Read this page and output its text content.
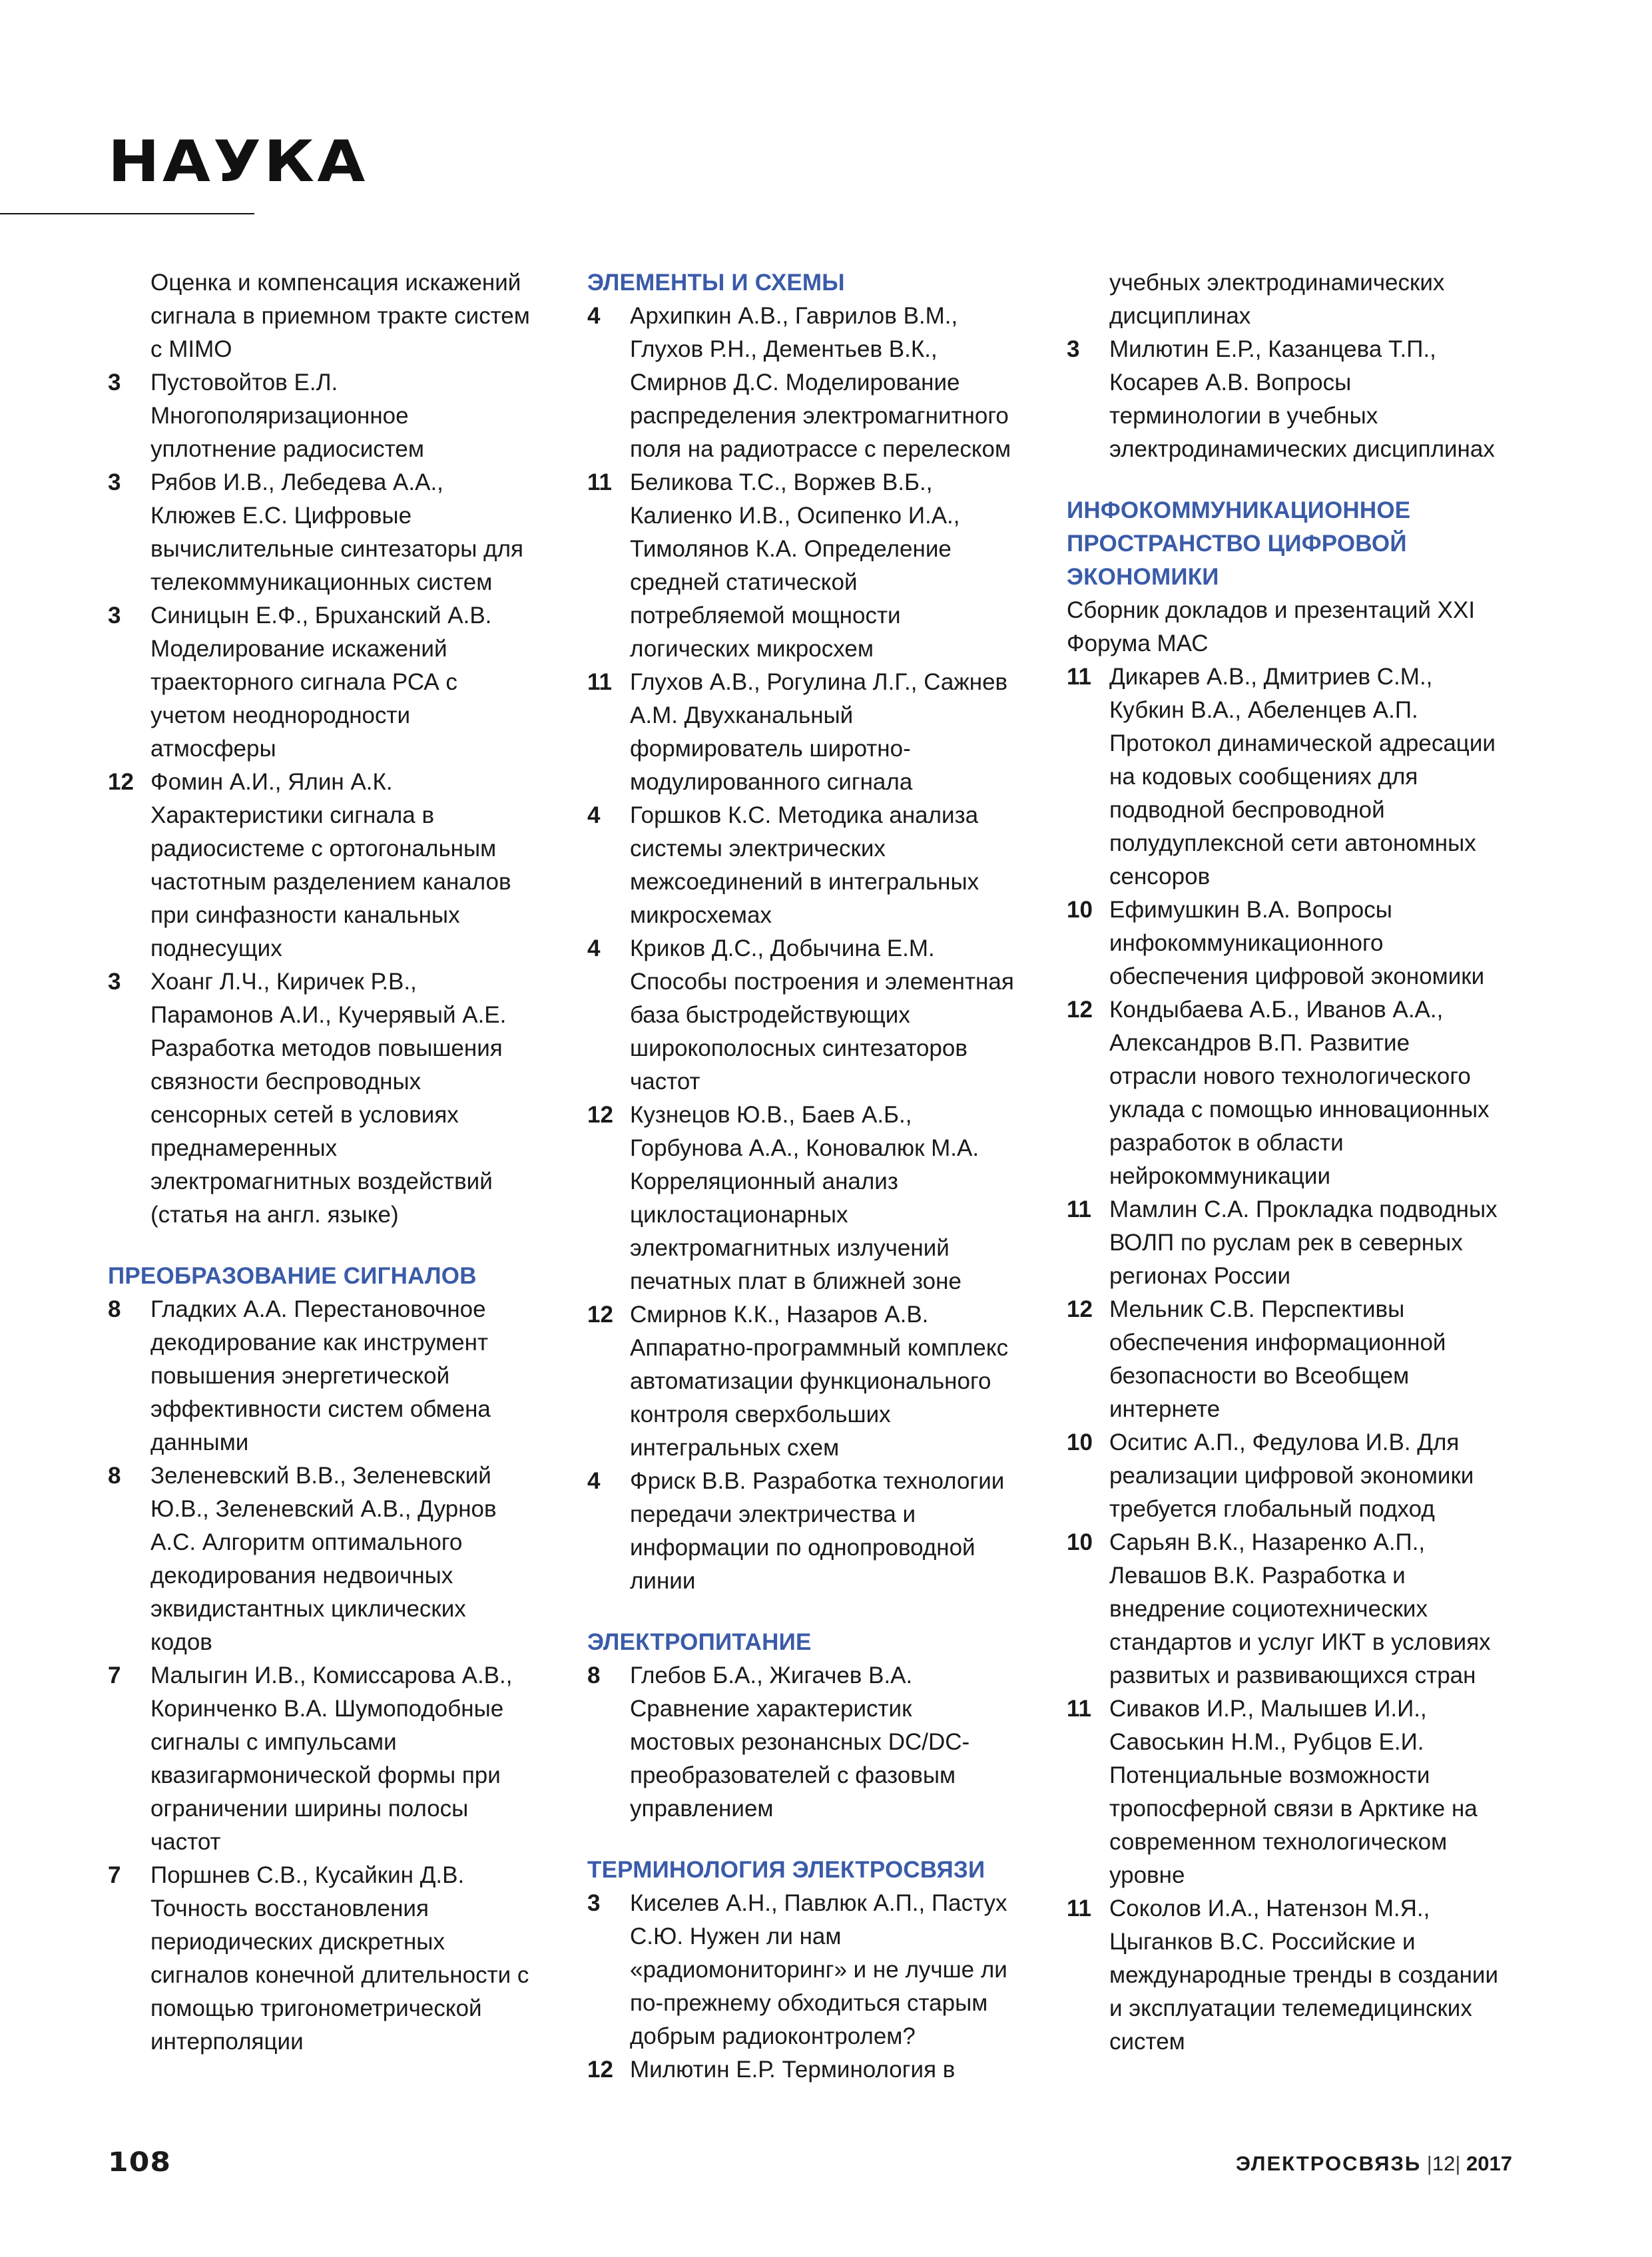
НАУКА
Оценка и компенсация искажений сигнала в приемном тракте систем с MIMO
3 Пустовойтов Е.Л. Многополяризационное уплотнение радиосистем
3 Рябов И.В., Лебедева А.А., Клюжев Е.С. Цифровые вычислительные синтезаторы для телекоммуникационных систем
3 Синицын Е.Ф., Брuханский А.В. Моделирование искажений траекторного сигнала РСА с учетом неоднородности атмосферы
12 Фомин А.И., Ялин А.К. Характеристики сигнала в радиосистеме с ортогональным частотным разделением каналов при синфазности канальных поднесущих
3 Хоанг Л.Ч., Киричек Р.В., Парамонов А.И., Кучерявый А.Е. Разработка методов повышения связности беспроводных сенсорных сетей в условиях преднамеренных электромагнитных воздействий (статья на англ. языке)
ПРЕОБРАЗОВАНИЕ СИГНАЛОВ
8 Гладких А.А. Перестановочное декодирование как инструмент повышения энергетической эффективности систем обмена данными
8 Зеленевский В.В., Зеленевский Ю.В., Зеленевский А.В., Дурнов А.С. Алгоритм оптимального декодирования недвоичных эквидистантных циклических кодов
7 Малыгин И.В., Комиссарова А.В., Коринченко В.А. Шумоподобные сигналы с импульсами квазигармонической формы при ограничении ширины полосы частот
7 Поршнев С.В., Кусайкин Д.В. Точность восстановления периодических дискретных сигналов конечной длительности с помощью тригонометрической интерполяции
ЭЛЕМЕНТЫ И СХЕМЫ
4 Архипкин А.В., Гаврилов В.М., Глухов Р.Н., Дементьев В.К., Смирнов Д.С. Моделирование распределения электромагнитного поля на радиотрассе с перелеском
11 Беликова Т.С., Воржев В.Б., Калиенко И.В., Осипенко И.А., Тимолянов К.А. Определение средней статической потребляемой мощности логических микросхем
11 Глухов А.В., Рогулина Л.Г., Сажнев А.М. Двухканальный формирователь широтно-модулированного сигнала
4 Горшков К.С. Методика анализа системы электрических межсоединений в интегральных микросхемах
4 Криков Д.С., Добычина Е.М. Способы построения и элементная база быстродействующих широкополосных синтезаторов частот
12 Кузнецов Ю.В., Баев А.Б., Горбунова А.А., Коновалюк М.А. Корреляционный анализ циклостационарных электромагнитных излучений печатных плат в ближней зоне
12 Смирнов К.К., Назаров А.В. Аппаратно-программный комплекс автоматизации функционального контроля сверхбольших интегральных схем
4 Фриск В.В. Разработка технологии передачи электричества и информации по однопроводной линии
ЭЛЕКТРОПИТАНИЕ
8 Глебов Б.А., Жигачев В.А. Сравнение характеристик мостовых резонансных DC/DC-преобразователей с фазовым управлением
ТЕРМИНОЛОГИЯ ЭЛЕКТРОСВЯЗИ
3 Киселев А.Н., Павлюк А.П., Пастух С.Ю. Нужен ли нам «радиомониторинг» и не лучше ли по-прежнему обходиться старым добрым радиоконтролем?
12 Милютин Е.Р. Терминология в
учебных электродинамических дисциплинах
3 Милютин Е.Р., Казанцева Т.П., Косарев А.В. Вопросы терминологии в учебных электродинамических дисциплинах
ИНФОКОММУНИКАЦИОННОЕ ПРОСТРАНСТВО ЦИФРОВОЙ ЭКОНОМИКИ
Сборник докладов и презентаций XXI Форума МАС
11 Дикарев А.В., Дмитриев С.М., Кубкин В.А., Абеленцев А.П. Протокол динамической адресации на кодовых сообщениях для подводной беспроводной полудуплексной сети автономных сенсоров
10 Ефимушкин В.А. Вопросы инфокоммуникационного обеспечения цифровой экономики
12 Кондыбаева А.Б., Иванов А.А., Александров В.П. Развитие отрасли нового технологического уклада с помощью инновационных разработок в области нейрокоммуникации
11 Мамлин С.А. Прокладка подводных ВОЛП по руслам рек в северных регионах России
12 Мельник С.В. Перспективы обеспечения информационной безопасности во Всеобщем интернете
10 Оситис А.П., Федулова И.В. Для реализации цифровой экономики требуется глобальный подход
10 Сарьян В.К., Назаренко А.П., Левашов В.К. Разработка и внедрение социотехнических стандартов и услуг ИКТ в условиях развитых и развивающихся стран
11 Сиваков И.Р., Малышев И.И., Савоськин Н.М., Рубцов Е.И. Потенциальные возможности тропосферной связи в Арктике на современном технологическом уровне
11 Соколов И.А., Натензон М.Я., Цыганков В.С. Российские и международные тренды в создании и эксплуатации телемедицинских систем
108	ЭЛЕКТРОСВЯЗЬ |12| 2017
